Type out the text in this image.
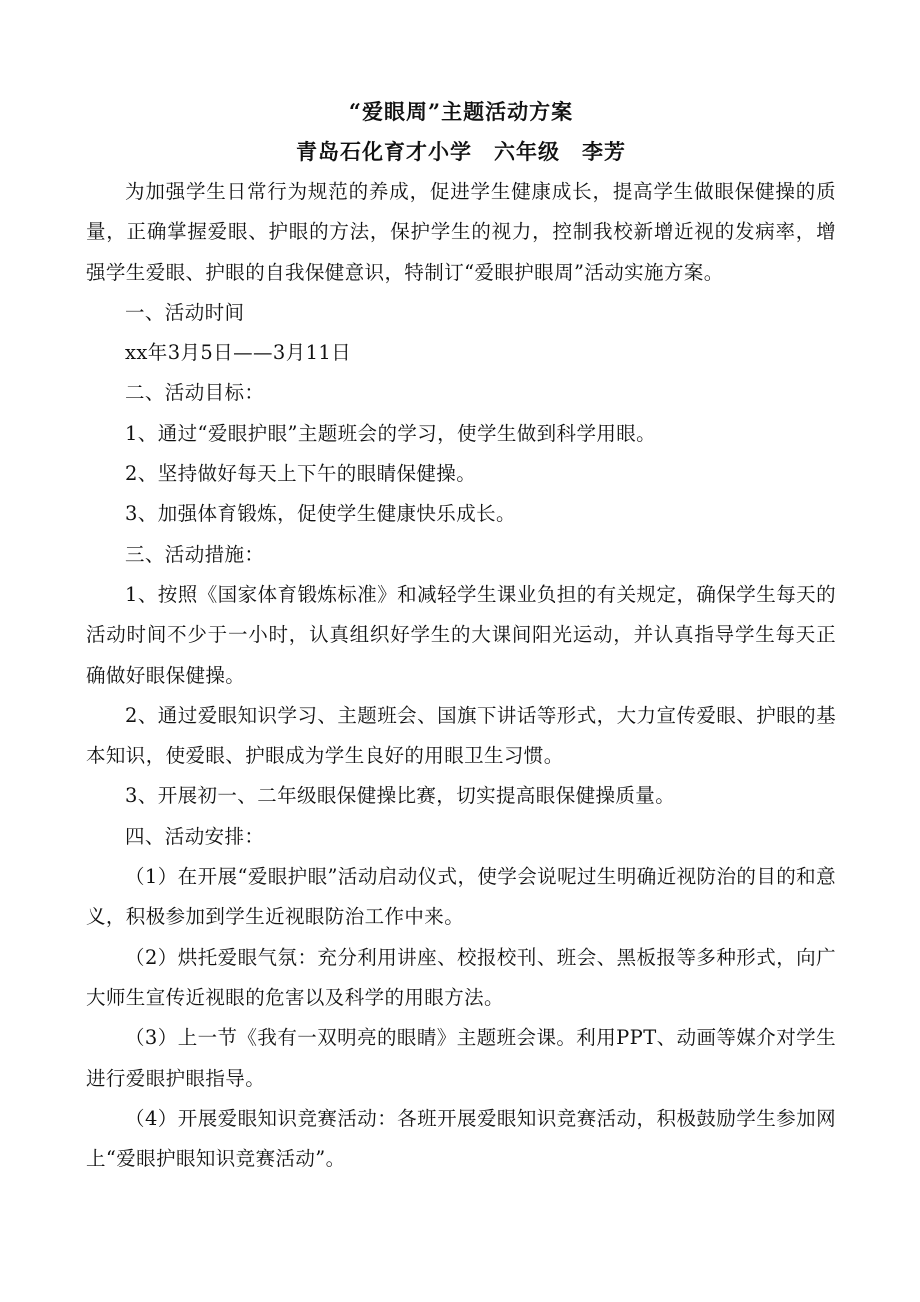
“爱眼周”主题活动方案
青岛石化育才小学　六年级　李芳

为加强学生日常行为规范的养成，促进学生健康成长，提高学生做眼保健操的质量，正确掌握爱眼、护眼的方法，保护学生的视力，控制我校新增近视的发病率，增强学生爱眼、护眼的自我保健意识，特制订“爱眼护眼周”活动实施方案。

一、活动时间

xx年3月5日——3月11日

二、活动目标：

1、通过“爱眼护眼”主题班会的学习，使学生做到科学用眼。

2、坚持做好每天上下午的眼睛保健操。

3、加强体育锻炼，促使学生健康快乐成长。

三、活动措施：

1、按照《国家体育锻炼标准》和减轻学生课业负担的有关规定，确保学生每天的活动时间不少于一小时，认真组织好学生的大课间阳光运动，并认真指导学生每天正确做好眼保健操。

2、通过爱眼知识学习、主题班会、国旗下讲话等形式，大力宣传爱眼、护眼的基本知识，使爱眼、护眼成为学生良好的用眼卫生习惯。

3、开展初一、二年级眼保健操比赛，切实提高眼保健操质量。

四、活动安排：

（1）在开展“爱眼护眼”活动启动仪式，使学会说呢过生明确近视防治的目的和意义，积极参加到学生近视眼防治工作中来。

（2）烘托爱眼气氛：充分利用讲座、校报校刊、班会、黑板报等多种形式，向广大师生宣传近视眼的危害以及科学的用眼方法。

（3）上一节《我有一双明亮的眼睛》主题班会课。利用PPT、动画等媒介对学生进行爱眼护眼指导。

（4）开展爱眼知识竞赛活动：各班开展爱眼知识竞赛活动，积极鼓励学生参加网上“爱眼护眼知识竞赛活动”。
